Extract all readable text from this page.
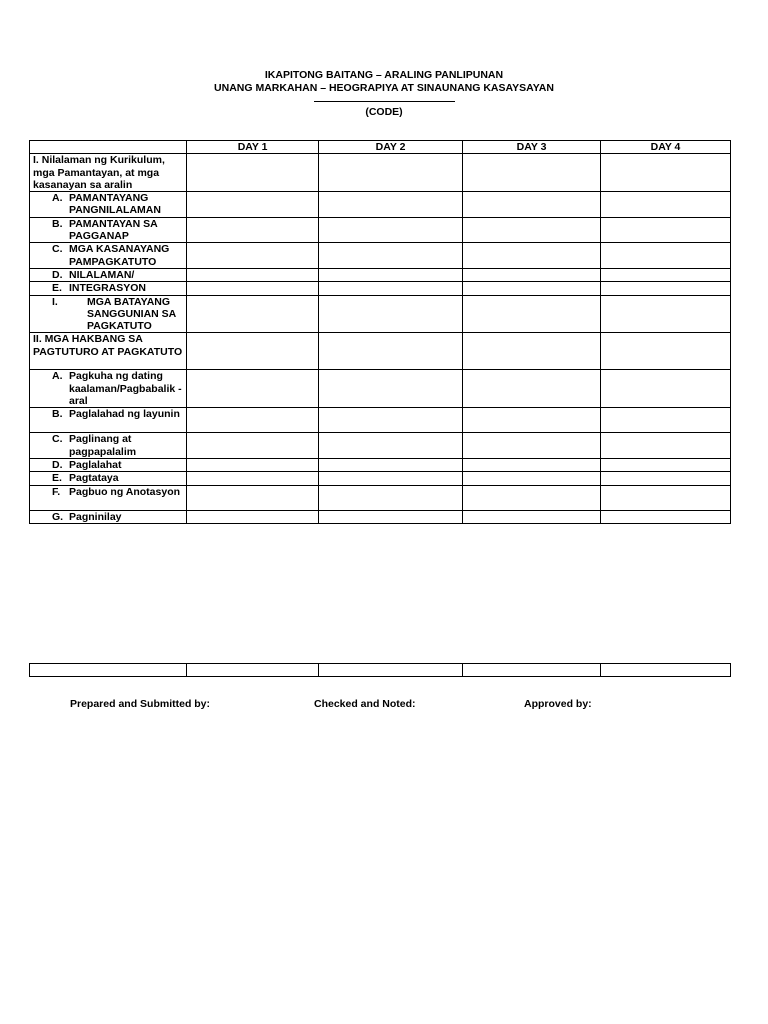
IKAPITONG BAITANG – ARALING PANLIPUNAN
UNANG MARKAHAN – HEOGRAPIYA AT SINAUNANG KASAYSAYAN
(CODE)
	DAY 1	DAY 2	DAY 3	DAY 4
I. Nilalaman ng Kurikulum, mga Pamantayan, at mga kasanayan sa aralin				

A. PAMANTAYANG PANGNILALAMAN				

B. PAMANTAYAN SA PAGGANAP				

C. MGA KASANAYANG PAMPAGKATUTO				

D. NILALAMAN/				

E. INTEGRASYON				

I. MGA BATAYANG SANGGUNIAN SA PAGKATUTO				

II. MGA HAKBANG SA PAGTUTURO AT PAGKATUTO				

A. Pagkuha ng dating kaalaman/Pagbabalik -aral				

B. Paglalahad ng layunin				

C. Paglinang at pagpapalalim				

D. Paglalahat				

E. Pagtataya				

F. Pagbuo ng Anotasyon				

G. Pagninilay				

Prepared and Submitted by:	Checked and Noted:	Approved by:
